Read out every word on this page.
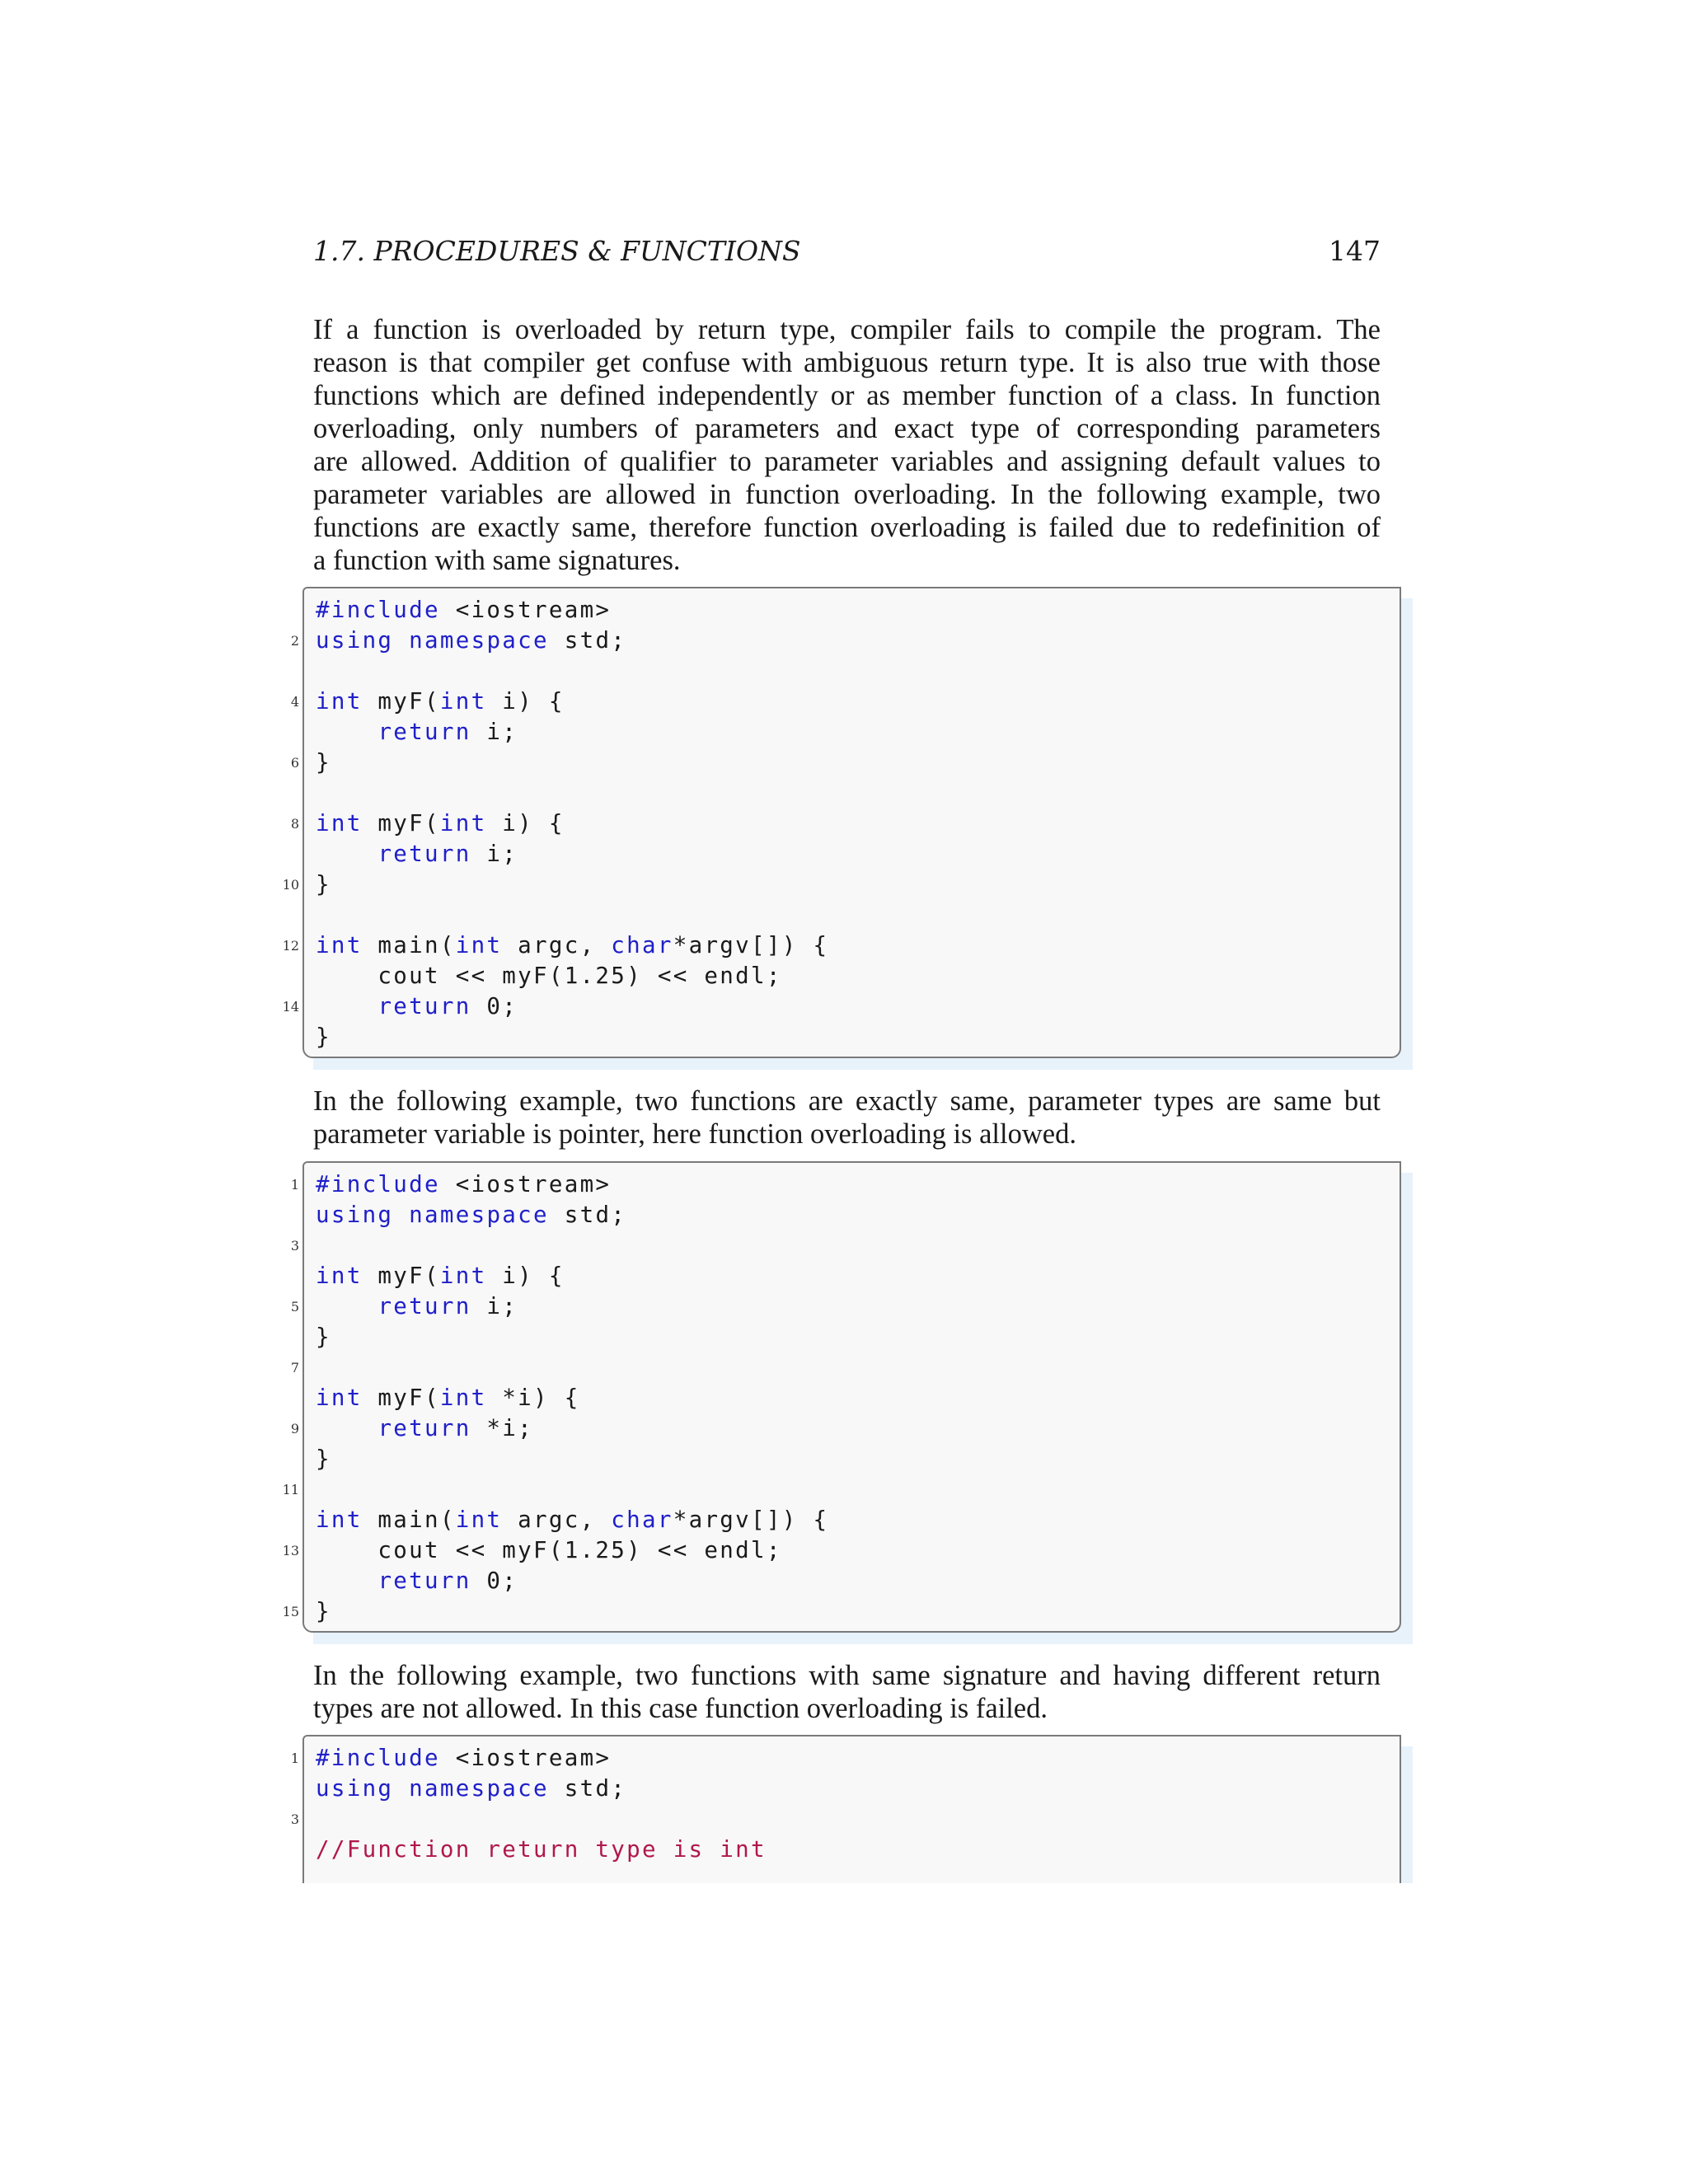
1.7. PROCEDURES & FUNCTIONS	147
If a function is overloaded by return type, compiler fails to compile the program. The
reason is that compiler get confuse with ambiguous return type. It is also true with those
functions which are defined independently or as member function of a class. In function
overloading, only numbers of parameters and exact type of corresponding parameters
are allowed. Addition of qualifier to parameter variables and assigning default values to
parameter variables are allowed in function overloading. In the following example, two
functions are exactly same, therefore function overloading is failed due to redefinition of
a function with same signatures.
#include <iostream>
2 using namespace std;
4 int myF(int i) {
return i;
6 }
8 int myF(int i) {
return i;
10 }
12 int main(int argc, char*argv[]) {
cout << myF(1.25) << endl;
14	return 0;
}
In the following example, two functions are exactly same, parameter types are same but
parameter variable is pointer, here function overloading is allowed.
1 #include <iostream>
using namespace std;
3
int myF(int i) {
5	return i;
}
7
int myF(int *i) {
9	return *i;
}
11
int main(int argc, char*argv[]) {
13 cout << myF(1.25) << endl;
return 0;
15 }
In the following example, two functions with same signature and having different return
types are not allowed. In this case function overloading is failed.
1 #include <iostream>
using namespace std;
3
//Function return type is int
